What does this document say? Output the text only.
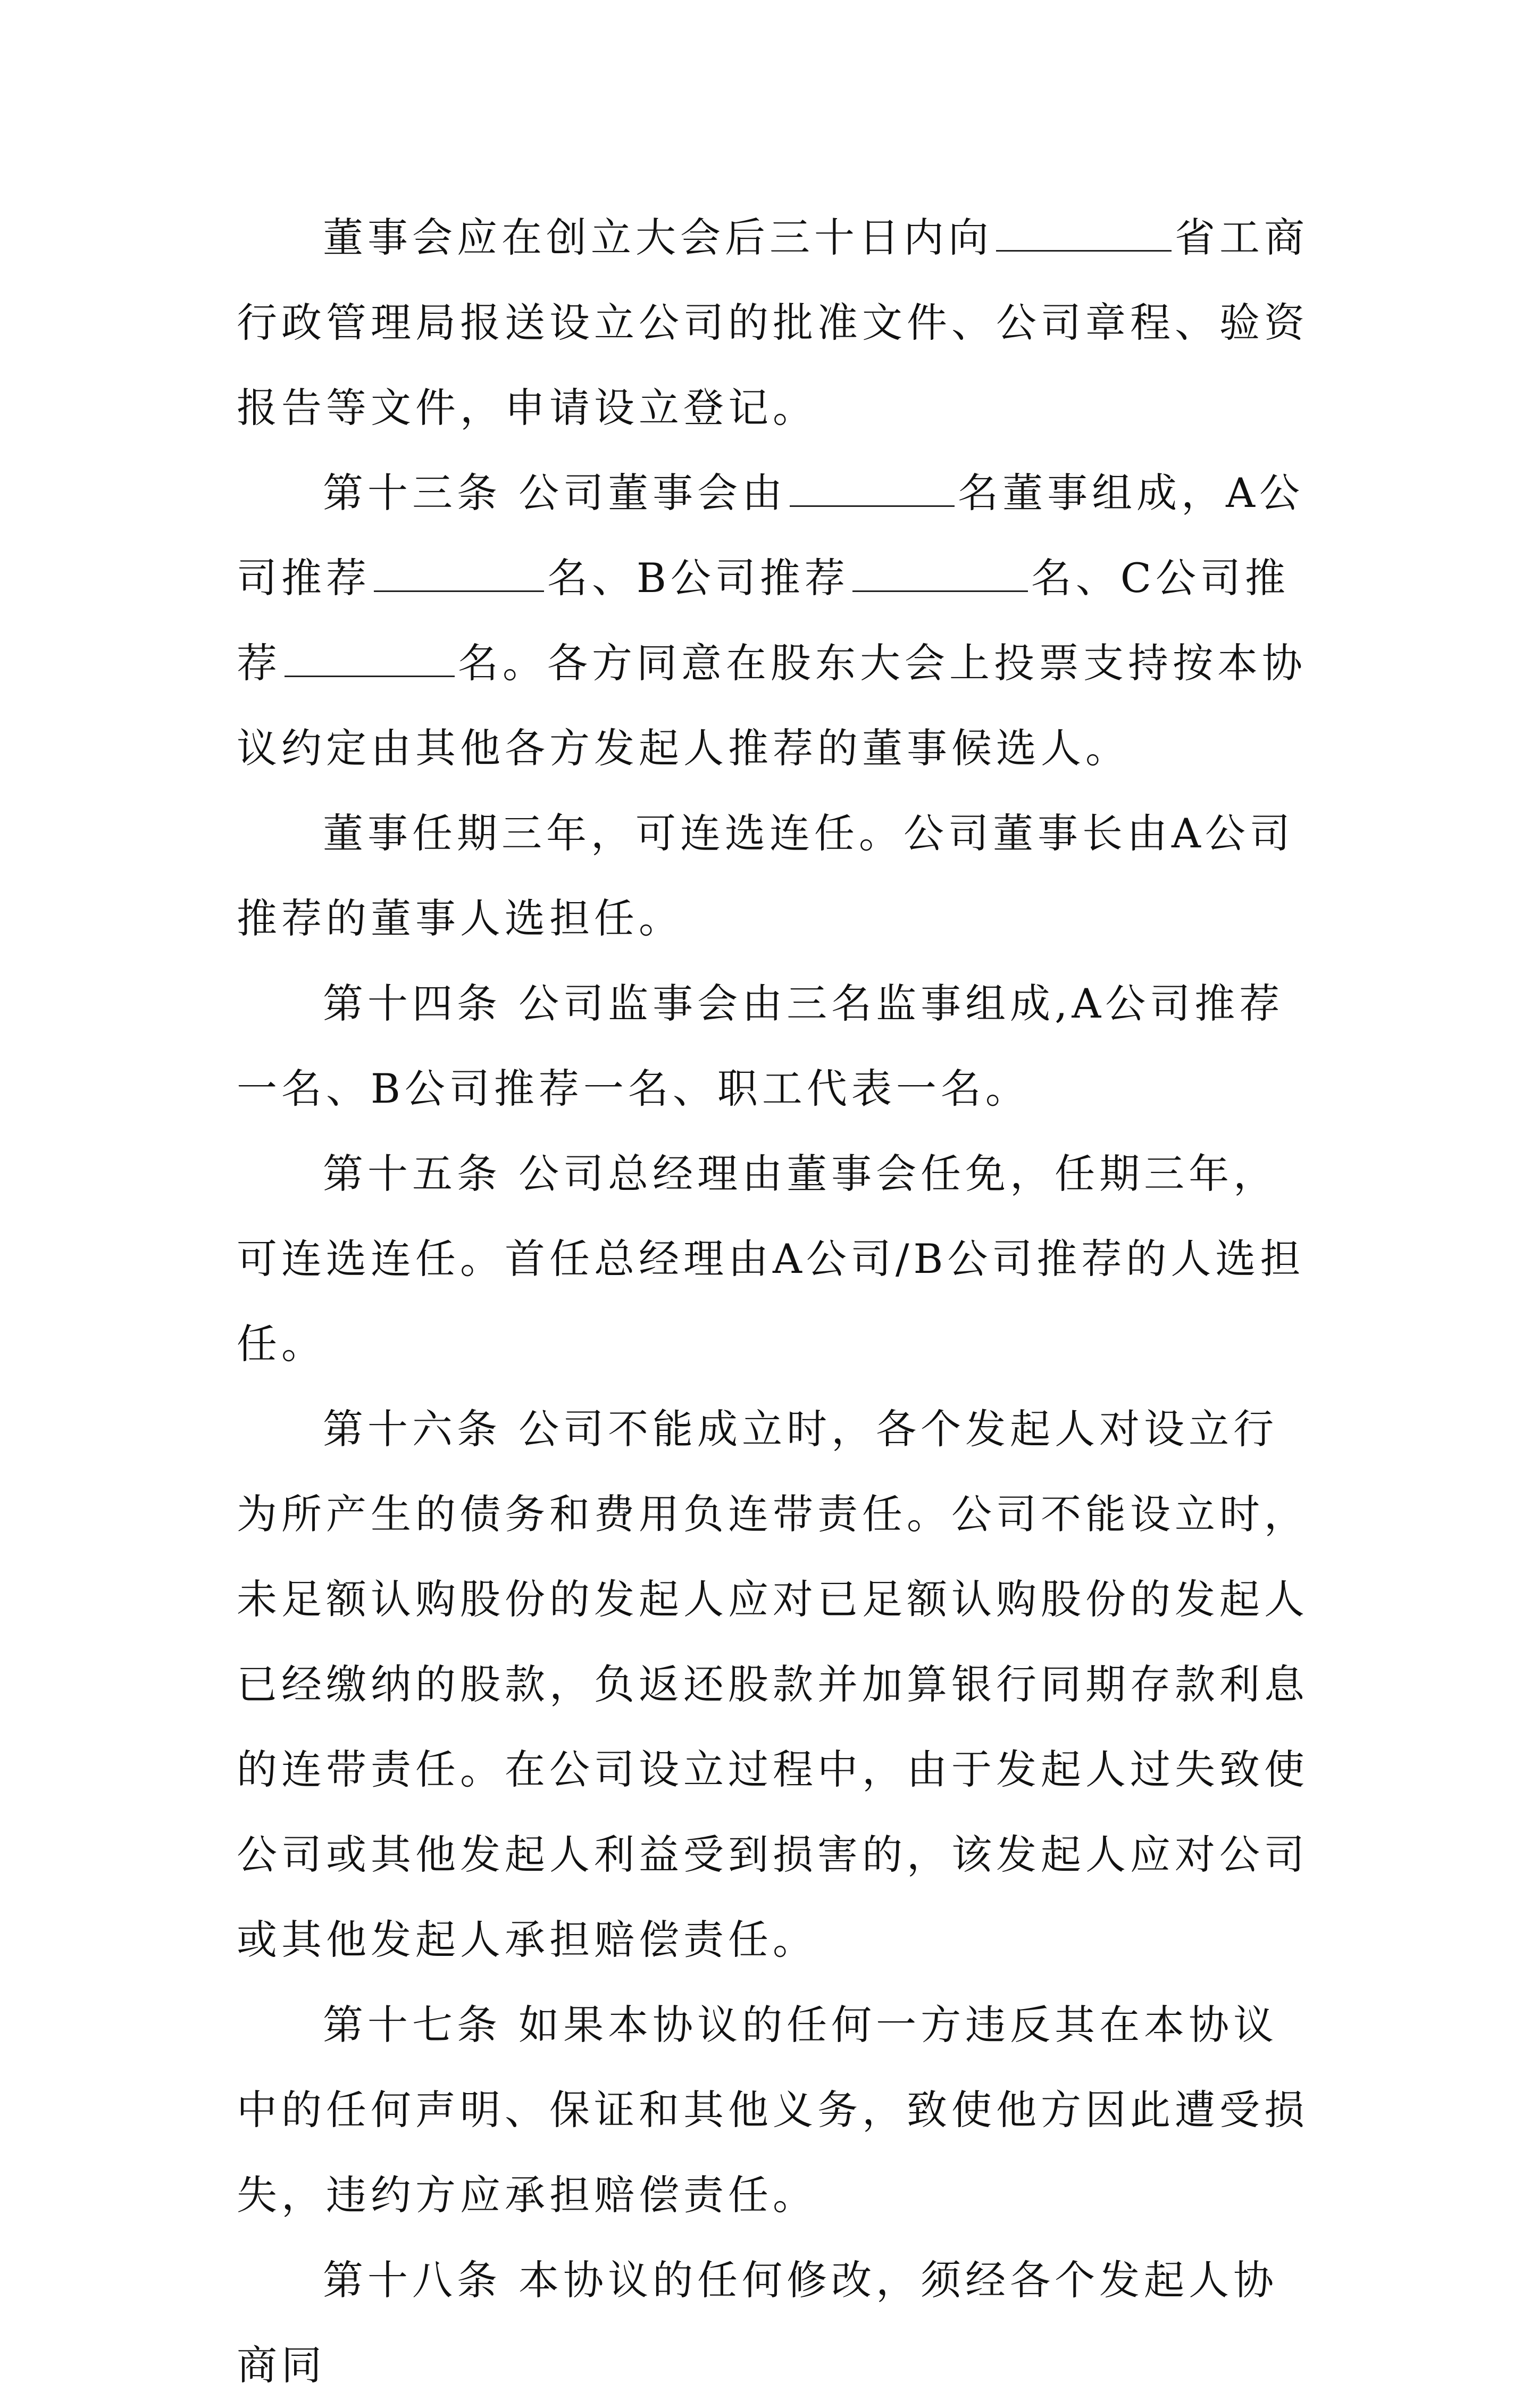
董事会应在创立大会后三十日内向	省工商行政管理局报送设立公司的批准文件、公司章程、验资报告等文件，申请设立登记。

第十三条 公司董事会由	名董事组成，A公司推荐	名、B公司推荐	名、C公司推荐	名。各方同意在股东大会上投票支持按本协议约定由其他各方发起人推荐的董事候选人。

董事任期三年，可连选连任。公司董事长由A公司推荐的董事人选担任。

第十四条 公司监事会由三名监事组成,A公司推荐一名、B公司推荐一名、职工代表一名。

第十五条 公司总经理由董事会任免，任期三年，可连选连任。首任总经理由A公司/B公司推荐的人选担任。

第十六条 公司不能成立时，各个发起人对设立行为所产生的债务和费用负连带责任。公司不能设立时，未足额认购股份的发起人应对已足额认购股份的发起人已经缴纳的股款，负返还股款并加算银行同期存款利息的连带责任。在公司设立过程中，由于发起人过失致使公司或其他发起人利益受到损害的，该发起人应对公司或其他发起人承担赔偿责任。

第十七条 如果本协议的任何一方违反其在本协议中的任何声明、保证和其他义务，致使他方因此遭受损失，违约方应承担赔偿责任。

第十八条 本协议的任何修改，须经各个发起人协商同
